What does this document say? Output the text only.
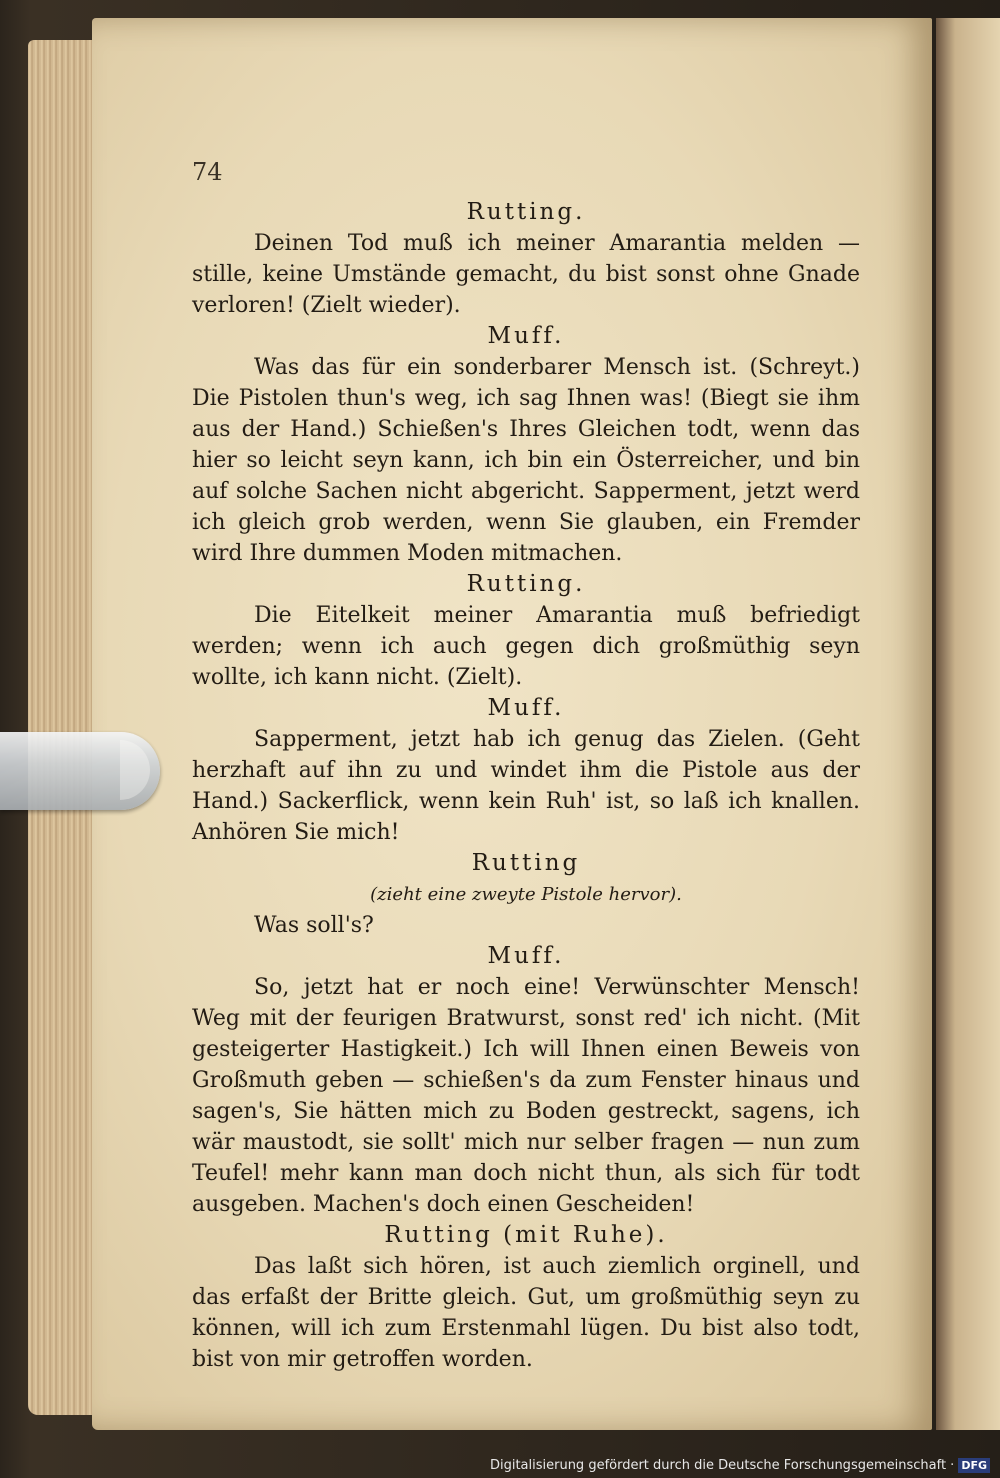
74

Rutting.

Deinen Tod muß ich meiner Amarantia melden — stille, keine Umstände gemacht, du bist sonst ohne Gnade verloren! (Zielt wieder).

Muff.

Was das für ein sonderbarer Mensch ist. (Schreyt.) Die Pistolen thun's weg, ich sag Ihnen was! (Biegt sie ihm aus der Hand.) Schießen's Ihres Gleichen todt, wenn das hier so leicht seyn kann, ich bin ein Österreicher, und bin auf solche Sachen nicht abgericht. Sapperment, jetzt werd ich gleich grob werden, wenn Sie glauben, ein Fremder wird Ihre dummen Moden mitmachen.

Rutting.

Die Eitelkeit meiner Amarantia muß befriedigt werden; wenn ich auch gegen dich großmüthig seyn wollte, ich kann nicht. (Zielt).

Muff.

Sapperment, jetzt hab ich genug das Zielen. (Geht herzhaft auf ihn zu und windet ihm die Pistole aus der Hand.) Sackerflick, wenn kein Ruh' ist, so laß ich knallen. Anhören Sie mich!

Rutting

(zieht eine zweyte Pistole hervor).

Was soll's?

Muff.

So, jetzt hat er noch eine! Verwünschter Mensch! Weg mit der feurigen Bratwurst, sonst red' ich nicht. (Mit gesteigerter Hastigkeit.) Ich will Ihnen einen Beweis von Großmuth geben — schießen's da zum Fenster hinaus und sagen's, Sie hätten mich zu Boden gestreckt, sagens, ich wär maustodt, sie sollt' mich nur selber fragen — nun zum Teufel! mehr kann man doch nicht thun, als sich für todt ausgeben. Machen's doch einen Gescheiden!

Rutting (mit Ruhe).

Das laßt sich hören, ist auch ziemlich orginell, und das erfaßt der Britte gleich. Gut, um großmüthig seyn zu können, will ich zum Erstenmahl lügen. Du bist also todt, bist von mir getroffen worden.

Digitalisierung gefördert durch die Deutsche Forschungsgemeinschaft · DFG
